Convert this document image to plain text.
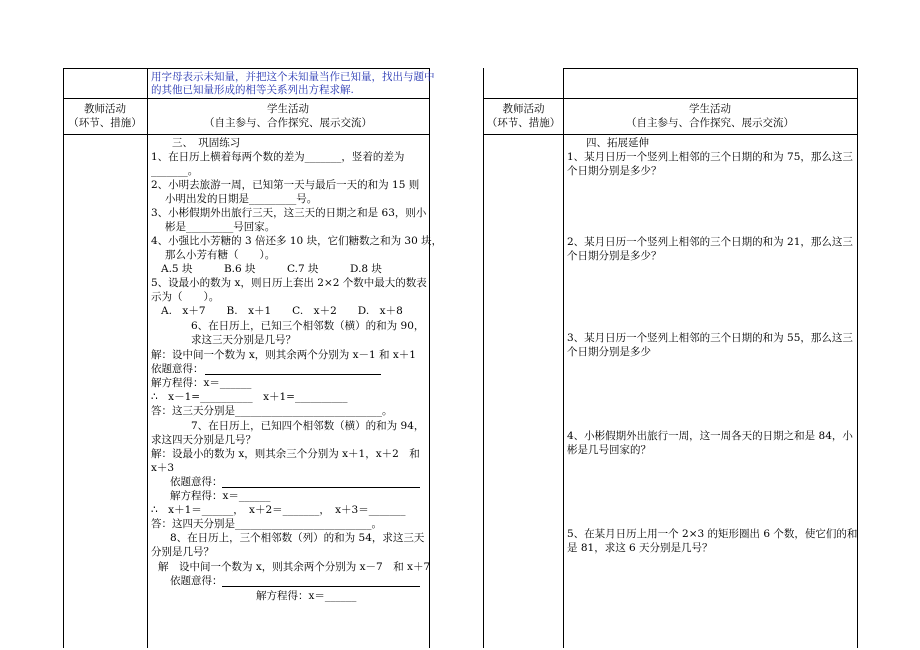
用字母表示未知量，并把这个未知量当作已知量，找出与题中
的其他已知量形成的相等关系列出方程求解.
教师活动
（环节、措施）
学生活动
（自主参与、合作探究、展示交流）
三、　巩固练习
1、在日历上横着每两个数的差为_______，竖着的差为
_______。
2、小明去旅游一周，已知第一天与最后一天的和为 15 则
小明出发的日期是_________号。
3、小彬假期外出旅行三天，这三天的日期之和是 63，则小
彬是_________号回家。
4、小强比小芳糖的 3 倍还多 10 块，它们糖数之和为 30 块，
那么小芳有糖（　　）。
A.5 块　　　B.6 块　　　C.7 块　　　D.8 块
5、设最小的数为 x，则日历上套出 2×2 个数中最大的数表
示为（　　）。
A.　x＋7　　B.　x＋1　　C.　x＋2　　D.　x＋8
6、在日历上，已知三个相邻数（横）的和为 90，
求这三天分别是几号？
解：设中间一个数为 x，则其余两个分别为 x－1 和 x＋1
依题意得：
解方程得：x＝______
∴　x－1=__________　x＋1=__________
答：这三天分别是____________________________。
7、在日历上，已知四个相邻数（横）的和为 94，
求这四天分别是几号？
解：设最小的数为 x，则其余三个分别为 x＋1，x＋2　和
x＋3
依题意得：
解方程得：x＝______
∴　x＋1＝______，　x＋2＝_______，　x＋3＝_______
答：这四天分别是__________________________。
8、在日历上，三个相邻数（列）的和为 54，求这三天
分别是几号？
解　设中间一个数为 x，则其余两个分别为 x－7　和 x＋7
依题意得：
解方程得：x＝______
教师活动
（环节、措施）
学生活动
（自主参与、合作探究、展示交流）
四、拓展延伸
1、某月日历一个竖列上相邻的三个日期的和为 75，那么这三
个日期分别是多少？
2、某月日历一个竖列上相邻的三个日期的和为 21，那么这三
个日期分别是多少？
3、某月日历一个竖列上相邻的三个日期的和为 55，那么这三
个日期分别是多少
4、小彬假期外出旅行一周，这一周各天的日期之和是 84，小
彬是几号回家的？
5、在某月日历上用一个 2×3 的矩形圈出 6 个数，使它们的和
是 81，求这 6 天分别是几号？
